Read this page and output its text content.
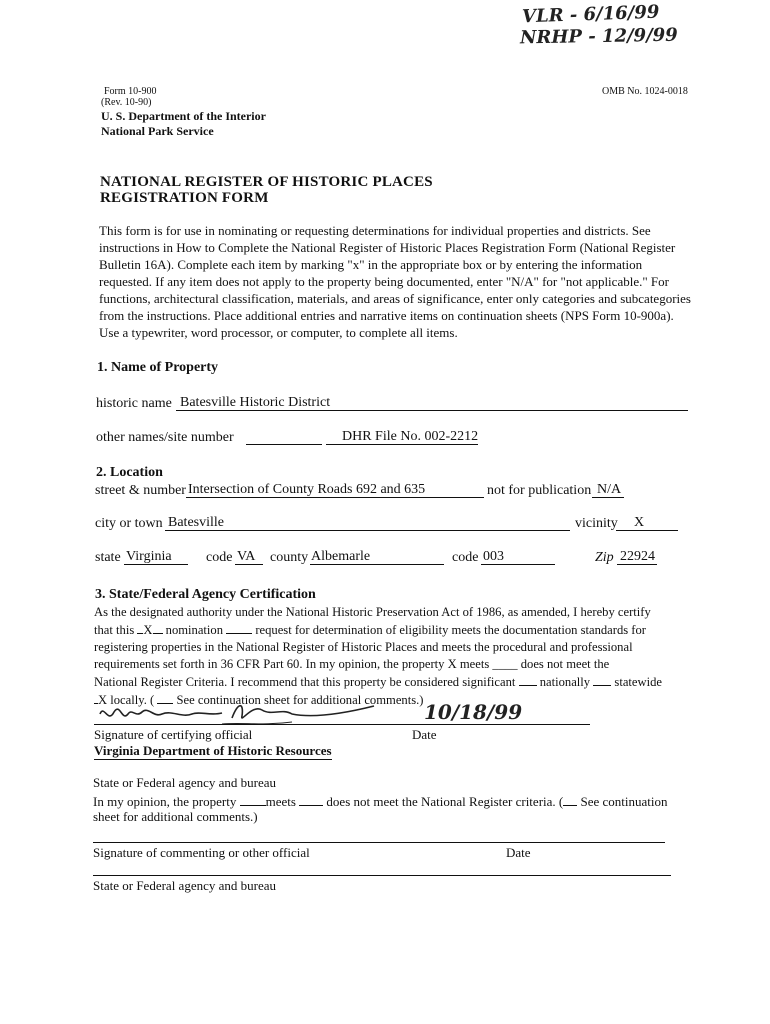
VLR - 6/16/99
NRHP - 12/9/99
Form 10-900
(Rev. 10-90)
OMB No. 1024-0018
U. S. Department of the Interior
National Park Service
NATIONAL REGISTER OF HISTORIC PLACES
REGISTRATION FORM
This form is for use in nominating or requesting determinations for individual properties and districts. See
instructions in How to Complete the National Register of Historic Places Registration Form (National Register
Bulletin 16A). Complete each item by marking "x" in the appropriate box or by entering the information
requested. If any item does not apply to the property being documented, enter "N/A" for "not applicable." For
functions, architectural classification, materials, and areas of significance, enter only categories and subcategories
from the instructions. Place additional entries and narrative items on continuation sheets (NPS Form 10-900a).
Use a typewriter, word processor, or computer, to complete all items.
1. Name of Property
historic name Batesville Historic District
other names/site number	DHR File No. 002-2212
2. Location
street & number Intersection of County Roads 692 and 635	not for publication N/A
city or town Batesville	vicinity X
state Virginia code VA county Albemarle	code 003	Zip 22924
3. State/Federal Agency Certification
As the designated authority under the National Historic Preservation Act of 1986, as amended, I hereby certify
that this X nomination	request for determination of eligibility meets the documentation standards for
registering properties in the National Register of Historic Places and meets the procedural and professional
requirements set forth in 36 CFR Part 60. In my opinion, the property X meets ____ does not meet the
National Register Criteria. I recommend that this property be considered significant nationally statewide
X locally. ( See continuation sheet for additional comments.) 10/18/99
Signature of certifying official	Date
Virginia Department of Historic Resources
State or Federal agency and bureau
In my opinion, the property meets does not meet the National Register criteria. ( See continuation
sheet for additional comments.)
Signature of commenting or other official	Date
State or Federal agency and bureau
